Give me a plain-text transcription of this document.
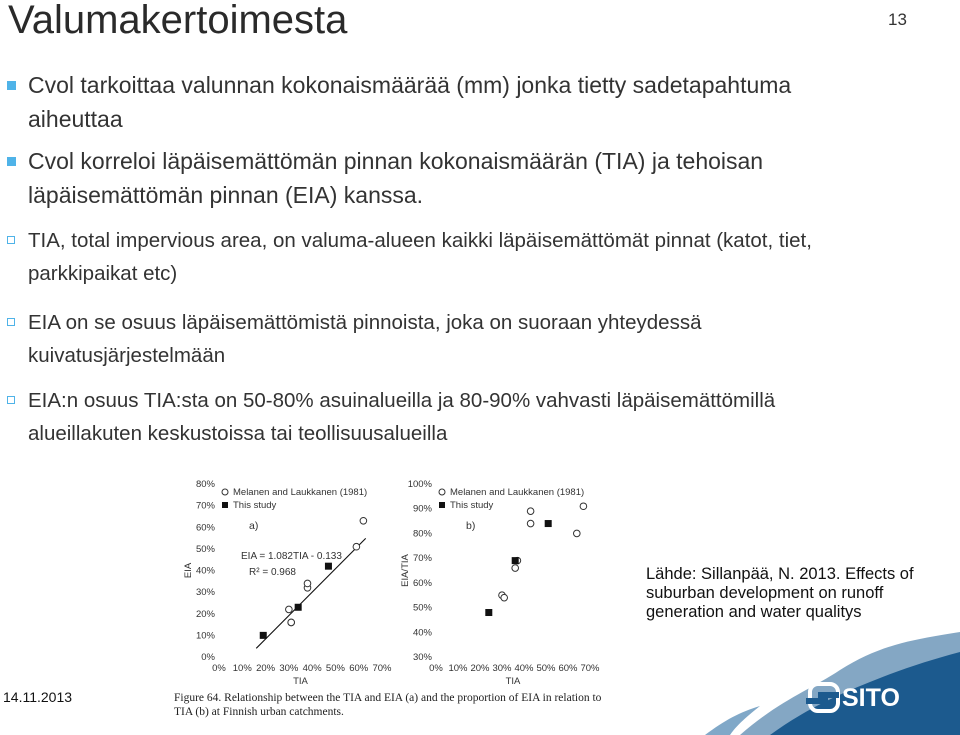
Valumakertoimesta	13
Cvol tarkoittaa valunnan kokonaismäärää (mm) jonka tietty sadetapahtuma aiheuttaa
Cvol korreloi läpäisemättömän pinnan kokonaismäärän (TIA) ja tehoisan läpäisemättömän pinnan (EIA) kanssa.
TIA, total impervious area, on valuma-alueen kaikki läpäisemättömät pinnat (katot, tiet, parkkipaikat etc)
EIA on se osuus läpäisemättömistä pinnoista, joka on suoraan yhteydessä kuivatusjärjestelmään
EIA:n osuus TIA:sta on 50-80% asuinalueilla ja 80-90% vahvasti läpäisemättömillä alueillakuten keskustoissa tai teollisuusalueilla
0%
10%
20%
30%
40%
50%
60%
70%
80%
0% 10% 20% 30% 40% 50% 60% 70%
TIA
EIA
Melanen and Laukkanen (1981)
This study
a)
EIA = 1.082TIA - 0.133
R² = 0.968
30%
40%
50%
60%
70%
80%
90%
100%
0% 10% 20% 30% 40% 50% 60% 70%
TIA
EIA/TIA
Melanen and Laukkanen (1981)
This study
b)
Figure 64. Relationship between the TIA and EIA (a) and the proportion of EIA in relation to
TIA (b) at Finnish urban catchments.	SITO
Lähde: Sillanpää, N. 2013. Effects of suburban development on runoff generation and water qualitys
14.11.2013
